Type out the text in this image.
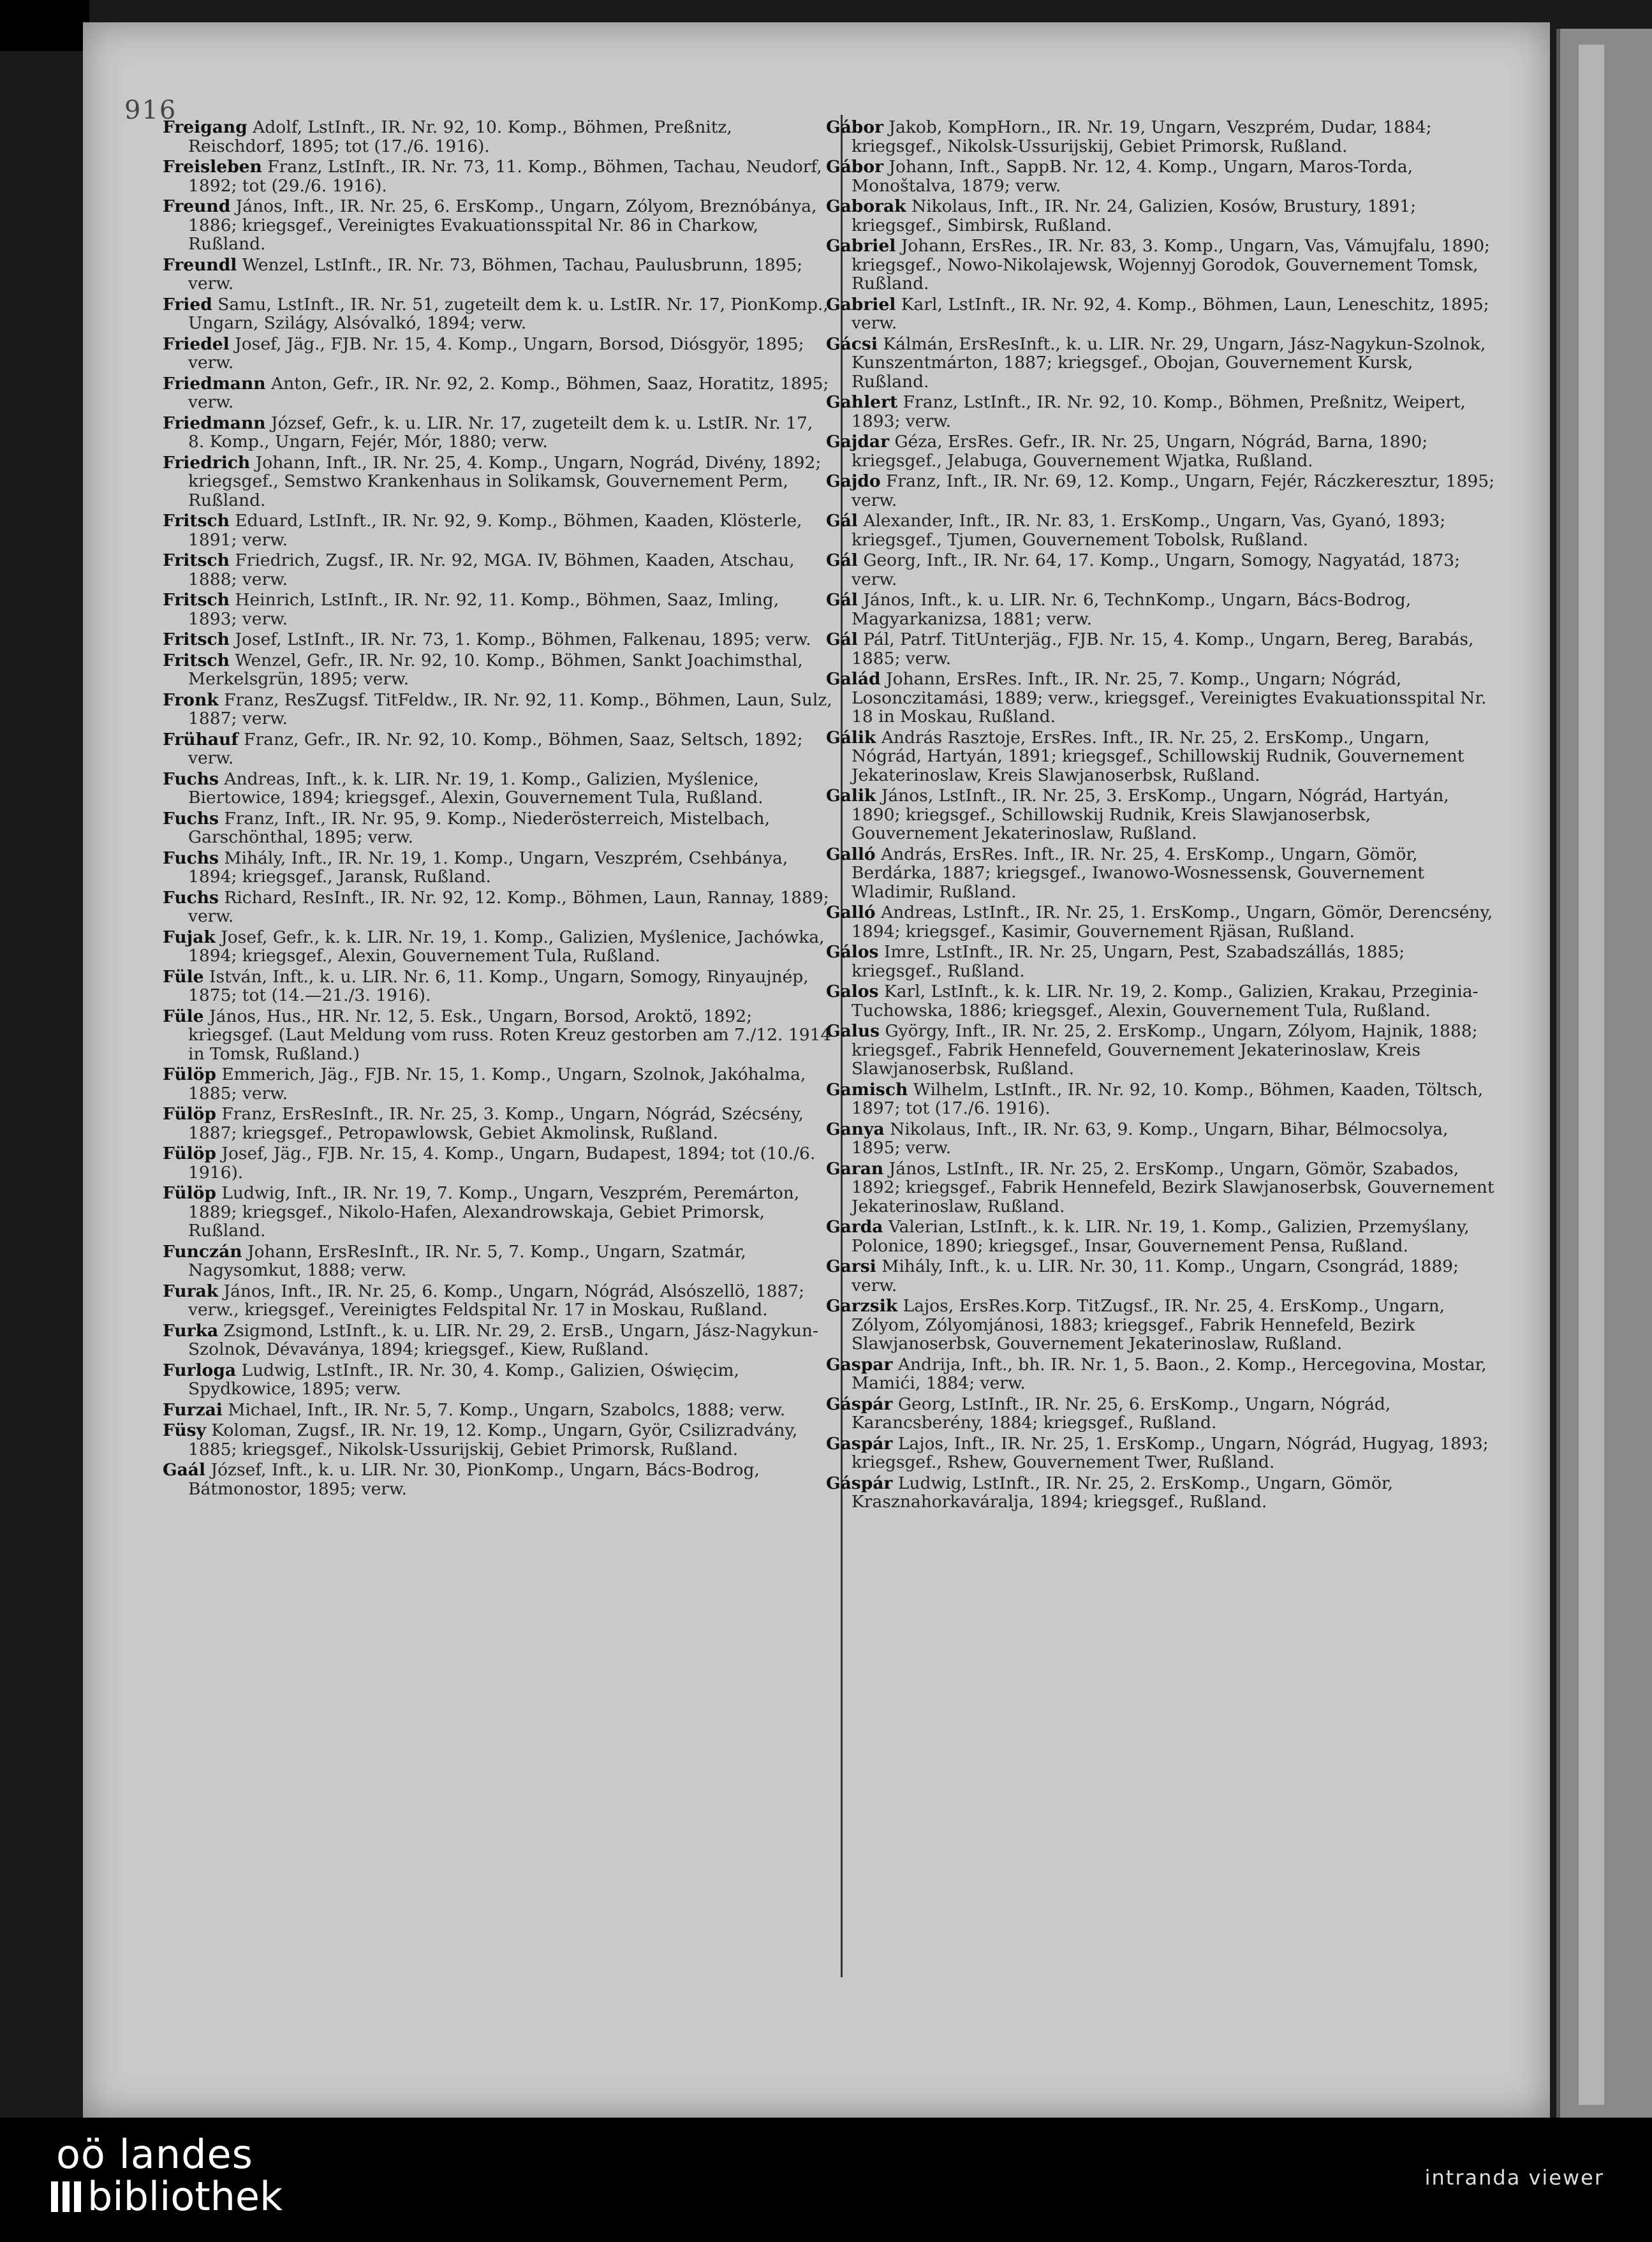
916
Freigang Adolf, LstInft., IR. Nr. 92, 10. Komp., Böhmen, Preßnitz, Reischdorf, 1895; tot (17./6. 1916).
Freisleben Franz, LstInft., IR. Nr. 73, 11. Komp., Böhmen, Tachau, Neudorf, 1892; tot (29./6. 1916).
Freund János, Inft., IR. Nr. 25, 6. ErsKomp., Ungarn, Zólyom, Breznóbánya, 1886; kriegsgef., Vereinigtes Evakuationsspital Nr. 86 in Charkow, Rußland.
Freundl Wenzel, LstInft., IR. Nr. 73, Böhmen, Tachau, Paulusbrunn, 1895; verw.
Fried Samu, LstInft., IR. Nr. 51, zugeteilt dem k. u. LstIR. Nr. 17, PionKomp., Ungarn, Szilágy, Alsóvalkó, 1894; verw.
Friedel Josef, Jäg., FJB. Nr. 15, 4. Komp., Ungarn, Borsod, Diósgyör, 1895; verw.
Friedmann Anton, Gefr., IR. Nr. 92, 2. Komp., Böhmen, Saaz, Horatitz, 1895; verw.
Friedmann József, Gefr., k. u. LIR. Nr. 17, zugeteilt dem k. u. LstIR. Nr. 17, 8. Komp., Ungarn, Fejér, Mór, 1880; verw.
Friedrich Johann, Inft., IR. Nr. 25, 4. Komp., Ungarn, Nográd, Divény, 1892; kriegsgef., Semstwo Krankenhaus in Solikamsk, Gouvernement Perm, Rußland.
Fritsch Eduard, LstInft., IR. Nr. 92, 9. Komp., Böhmen, Kaaden, Klösterle, 1891; verw.
Fritsch Friedrich, Zugsf., IR. Nr. 92, MGA. IV, Böhmen, Kaaden, Atschau, 1888; verw.
Fritsch Heinrich, LstInft., IR. Nr. 92, 11. Komp., Böhmen, Saaz, Imling, 1893; verw.
Fritsch Josef, LstInft., IR. Nr. 73, 1. Komp., Böhmen, Falkenau, 1895; verw.
Fritsch Wenzel, Gefr., IR. Nr. 92, 10. Komp., Böhmen, Sankt Joachimsthal, Merkelsgrün, 1895; verw.
Fronk Franz, ResZugsf. TitFeldw., IR. Nr. 92, 11. Komp., Böhmen, Laun, Sulz, 1887; verw.
Frühauf Franz, Gefr., IR. Nr. 92, 10. Komp., Böhmen, Saaz, Seltsch, 1892; verw.
Fuchs Andreas, Inft., k. k. LIR. Nr. 19, 1. Komp., Galizien, Myślenice, Biertowice, 1894; kriegsgef., Alexin, Gouvernement Tula, Rußland.
Fuchs Franz, Inft., IR. Nr. 95, 9. Komp., Niederösterreich, Mistelbach, Garschönthal, 1895; verw.
Fuchs Mihály, Inft., IR. Nr. 19, 1. Komp., Ungarn, Veszprém, Csehbánya, 1894; kriegsgef., Jaransk, Rußland.
Fuchs Richard, ResInft., IR. Nr. 92, 12. Komp., Böhmen, Laun, Rannay, 1889; verw.
Fujak Josef, Gefr., k. k. LIR. Nr. 19, 1. Komp., Galizien, Myślenice, Jachówka, 1894; kriegsgef., Alexin, Gouvernement Tula, Rußland.
Füle István, Inft., k. u. LIR. Nr. 6, 11. Komp., Ungarn, Somogy, Rinyaujnép, 1875; tot (14.—21./3. 1916).
Füle János, Hus., HR. Nr. 12, 5. Esk., Ungarn, Borsod, Aroktö, 1892; kriegsgef. (Laut Meldung vom russ. Roten Kreuz gestorben am 7./12. 1914 in Tomsk, Rußland.)
Fülöp Emmerich, Jäg., FJB. Nr. 15, 1. Komp., Ungarn, Szolnok, Jakóhalma, 1885; verw.
Fülöp Franz, ErsResInft., IR. Nr. 25, 3. Komp., Ungarn, Nógrád, Szécsény, 1887; kriegsgef., Petropawlowsk, Gebiet Akmolinsk, Rußland.
Fülöp Josef, Jäg., FJB. Nr. 15, 4. Komp., Ungarn, Budapest, 1894; tot (10./6. 1916).
Fülöp Ludwig, Inft., IR. Nr. 19, 7. Komp., Ungarn, Veszprém, Peremárton, 1889; kriegsgef., Nikolo-Hafen, Alexandrowskaja, Gebiet Primorsk, Rußland.
Funczán Johann, ErsResInft., IR. Nr. 5, 7. Komp., Ungarn, Szatmár, Nagysomkut, 1888; verw.
Furak János, Inft., IR. Nr. 25, 6. Komp., Ungarn, Nógrád, Alsószellö, 1887; verw., kriegsgef., Vereinigtes Feldspital Nr. 17 in Moskau, Rußland.
Furka Zsigmond, LstInft., k. u. LIR. Nr. 29, 2. ErsB., Ungarn, Jász-Nagykun-Szolnok, Dévaványa, 1894; kriegsgef., Kiew, Rußland.
Furloga Ludwig, LstInft., IR. Nr. 30, 4. Komp., Galizien, Oświęcim, Spydkowice, 1895; verw.
Furzai Michael, Inft., IR. Nr. 5, 7. Komp., Ungarn, Szabolcs, 1888; verw.
Füsy Koloman, Zugsf., IR. Nr. 19, 12. Komp., Ungarn, Györ, Csilizradvány, 1885; kriegsgef., Nikolsk-Ussurijskij, Gebiet Primorsk, Rußland.
Gaál József, Inft., k. u. LIR. Nr. 30, PionKomp., Ungarn, Bács-Bodrog, Bátmonostor, 1895; verw.
Gábor Jakob, KompHorn., IR. Nr. 19, Ungarn, Veszprém, Dudar, 1884; kriegsgef., Nikolsk-Ussurijskij, Gebiet Primorsk, Rußland.
Gábor Johann, Inft., SappB. Nr. 12, 4. Komp., Ungarn, Maros-Torda, Monoštalva, 1879; verw.
Gaborak Nikolaus, Inft., IR. Nr. 24, Galizien, Kosów, Brustury, 1891; kriegsgef., Simbirsk, Rußland.
Gabriel Johann, ErsRes., IR. Nr. 83, 3. Komp., Ungarn, Vas, Vámujfalu, 1890; kriegsgef., Nowo-Nikolajewsk, Wojennyj Gorodok, Gouvernement Tomsk, Rußland.
Gabriel Karl, LstInft., IR. Nr. 92, 4. Komp., Böhmen, Laun, Leneschitz, 1895; verw.
Gácsi Kálmán, ErsResInft., k. u. LIR. Nr. 29, Ungarn, Jász-Nagykun-Szolnok, Kunszentmárton, 1887; kriegsgef., Obojan, Gouvernement Kursk, Rußland.
Gahlert Franz, LstInft., IR. Nr. 92, 10. Komp., Böhmen, Preßnitz, Weipert, 1893; verw.
Gajdar Géza, ErsRes. Gefr., IR. Nr. 25, Ungarn, Nógrád, Barna, 1890; kriegsgef., Jelabuga, Gouvernement Wjatka, Rußland.
Gajdo Franz, Inft., IR. Nr. 69, 12. Komp., Ungarn, Fejér, Ráczkeresztur, 1895; verw.
Gál Alexander, Inft., IR. Nr. 83, 1. ErsKomp., Ungarn, Vas, Gyanó, 1893; kriegsgef., Tjumen, Gouvernement Tobolsk, Rußland.
Gál Georg, Inft., IR. Nr. 64, 17. Komp., Ungarn, Somogy, Nagyatád, 1873; verw.
Gál János, Inft., k. u. LIR. Nr. 6, TechnKomp., Ungarn, Bács-Bodrog, Magyarkanizsa, 1881; verw.
Gál Pál, Patrf. TitUnterjäg., FJB. Nr. 15, 4. Komp., Ungarn, Bereg, Barabás, 1885; verw.
Galád Johann, ErsRes. Inft., IR. Nr. 25, 7. Komp., Ungarn; Nógrád, Losonczitamási, 1889; verw., kriegsgef., Vereinigtes Evakuationsspital Nr. 18 in Moskau, Rußland.
Gálik András Rasztoje, ErsRes. Inft., IR. Nr. 25, 2. ErsKomp., Ungarn, Nógrád, Hartyán, 1891; kriegsgef., Schillowskij Rudnik, Gouvernement Jekaterinoslaw, Kreis Slawjanoserbsk, Rußland.
Galik János, LstInft., IR. Nr. 25, 3. ErsKomp., Ungarn, Nógrád, Hartyán, 1890; kriegsgef., Schillowskij Rudnik, Kreis Slawjanoserbsk, Gouvernement Jekaterinoslaw, Rußland.
Galló András, ErsRes. Inft., IR. Nr. 25, 4. ErsKomp., Ungarn, Gömör, Berdárka, 1887; kriegsgef., Iwanowo-Wosnessensk, Gouvernement Wladimir, Rußland.
Galló Andreas, LstInft., IR. Nr. 25, 1. ErsKomp., Ungarn, Gömör, Derencsény, 1894; kriegsgef., Kasimir, Gouvernement Rjäsan, Rußland.
Gálos Imre, LstInft., IR. Nr. 25, Ungarn, Pest, Szabadszállás, 1885; kriegsgef., Rußland.
Galos Karl, LstInft., k. k. LIR. Nr. 19, 2. Komp., Galizien, Krakau, Przeginia-Tuchowska, 1886; kriegsgef., Alexin, Gouvernement Tula, Rußland.
Galus György, Inft., IR. Nr. 25, 2. ErsKomp., Ungarn, Zólyom, Hajnik, 1888; kriegsgef., Fabrik Hennefeld, Gouvernement Jekaterinoslaw, Kreis Slawjanoserbsk, Rußland.
Gamisch Wilhelm, LstInft., IR. Nr. 92, 10. Komp., Böhmen, Kaaden, Töltsch, 1897; tot (17./6. 1916).
Ganya Nikolaus, Inft., IR. Nr. 63, 9. Komp., Ungarn, Bihar, Bélmocsolya, 1895; verw.
Garan János, LstInft., IR. Nr. 25, 2. ErsKomp., Ungarn, Gömör, Szabados, 1892; kriegsgef., Fabrik Hennefeld, Bezirk Slawjanoserbsk, Gouvernement Jekaterinoslaw, Rußland.
Garda Valerian, LstInft., k. k. LIR. Nr. 19, 1. Komp., Galizien, Przemyślany, Polonice, 1890; kriegsgef., Insar, Gouvernement Pensa, Rußland.
Garsi Mihály, Inft., k. u. LIR. Nr. 30, 11. Komp., Ungarn, Csongrád, 1889; verw.
Garzsik Lajos, ErsRes.Korp. TitZugsf., IR. Nr. 25, 4. ErsKomp., Ungarn, Zólyom, Zólyomjánosi, 1883; kriegsgef., Fabrik Hennefeld, Bezirk Slawjanoserbsk, Gouvernement Jekaterinoslaw, Rußland.
Gaspar Andrija, Inft., bh. IR. Nr. 1, 5. Baon., 2. Komp., Hercegovina, Mostar, Mamići, 1884; verw.
Gáspár Georg, LstInft., IR. Nr. 25, 6. ErsKomp., Ungarn, Nógrád, Karancsberény, 1884; kriegsgef., Rußland.
Gaspár Lajos, Inft., IR. Nr. 25, 1. ErsKomp., Ungarn, Nógrád, Hugyag, 1893; kriegsgef., Rshew, Gouvernement Twer, Rußland.
Gáspár Ludwig, LstInft., IR. Nr. 25, 2. ErsKomp., Ungarn, Gömör, Krasznahorkaváralja, 1894; kriegsgef., Rußland.
oö landes
bibliothek	intranda viewer
